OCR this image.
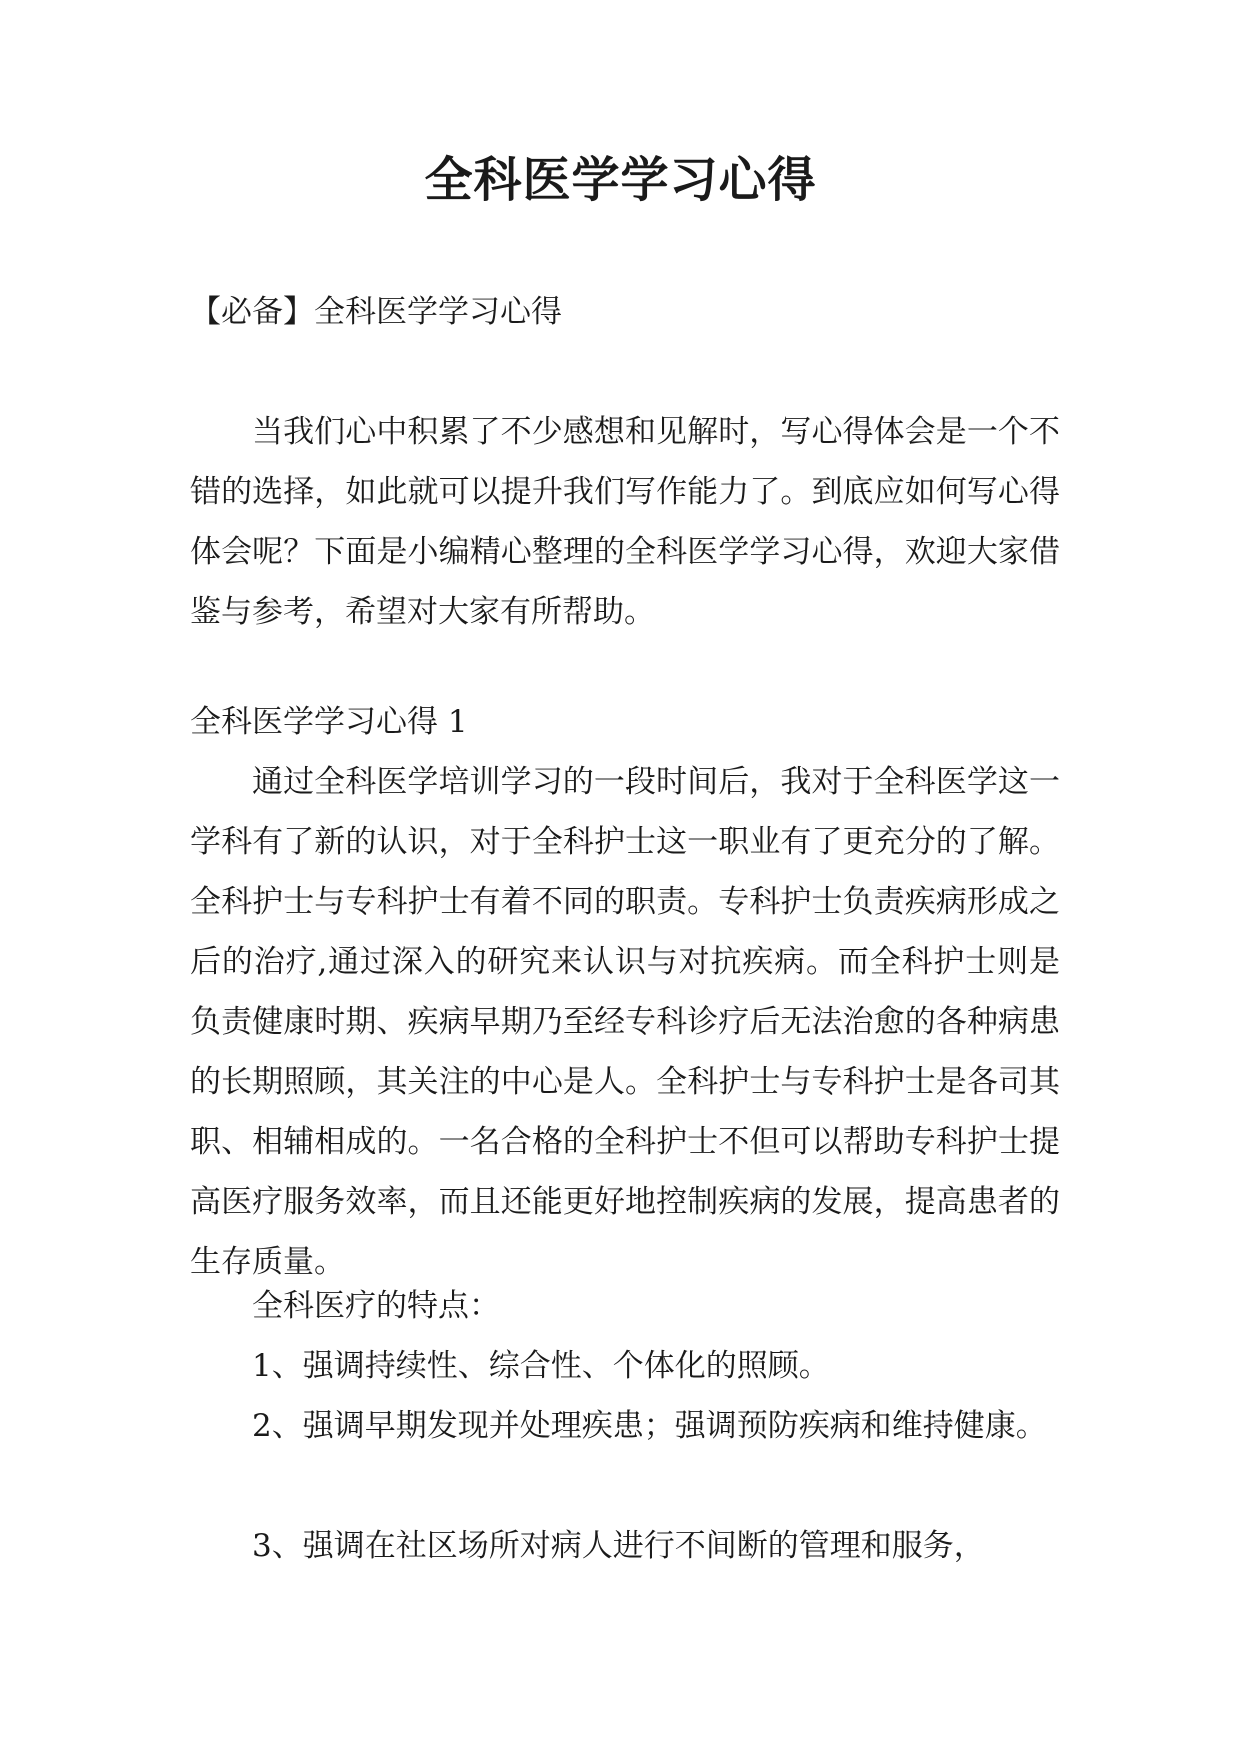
全科医学学习心得

【必备】全科医学学习心得

当我们心中积累了不少感想和见解时，写心得体会是一个不错的选择，如此就可以提升我们写作能力了。到底应如何写心得体会呢？下面是小编精心整理的全科医学学习心得，欢迎大家借鉴与参考，希望对大家有所帮助。

全科医学学习心得 1

通过全科医学培训学习的一段时间后，我对于全科医学这一学科有了新的认识，对于全科护士这一职业有了更充分的了解。全科护士与专科护士有着不同的职责。专科护士负责疾病形成之后的治疗,通过深入的研究来认识与对抗疾病。而全科护士则是负责健康时期、疾病早期乃至经专科诊疗后无法治愈的各种病患的长期照顾，其关注的中心是人。全科护士与专科护士是各司其职、相辅相成的。一名合格的全科护士不但可以帮助专科护士提高医疗服务效率，而且还能更好地控制疾病的发展，提高患者的生存质量。

全科医疗的特点：

1、强调持续性、综合性、个体化的照顾。

2、强调早期发现并处理疾患；强调预防疾病和维持健康。

3、强调在社区场所对病人进行不间断的管理和服务，
